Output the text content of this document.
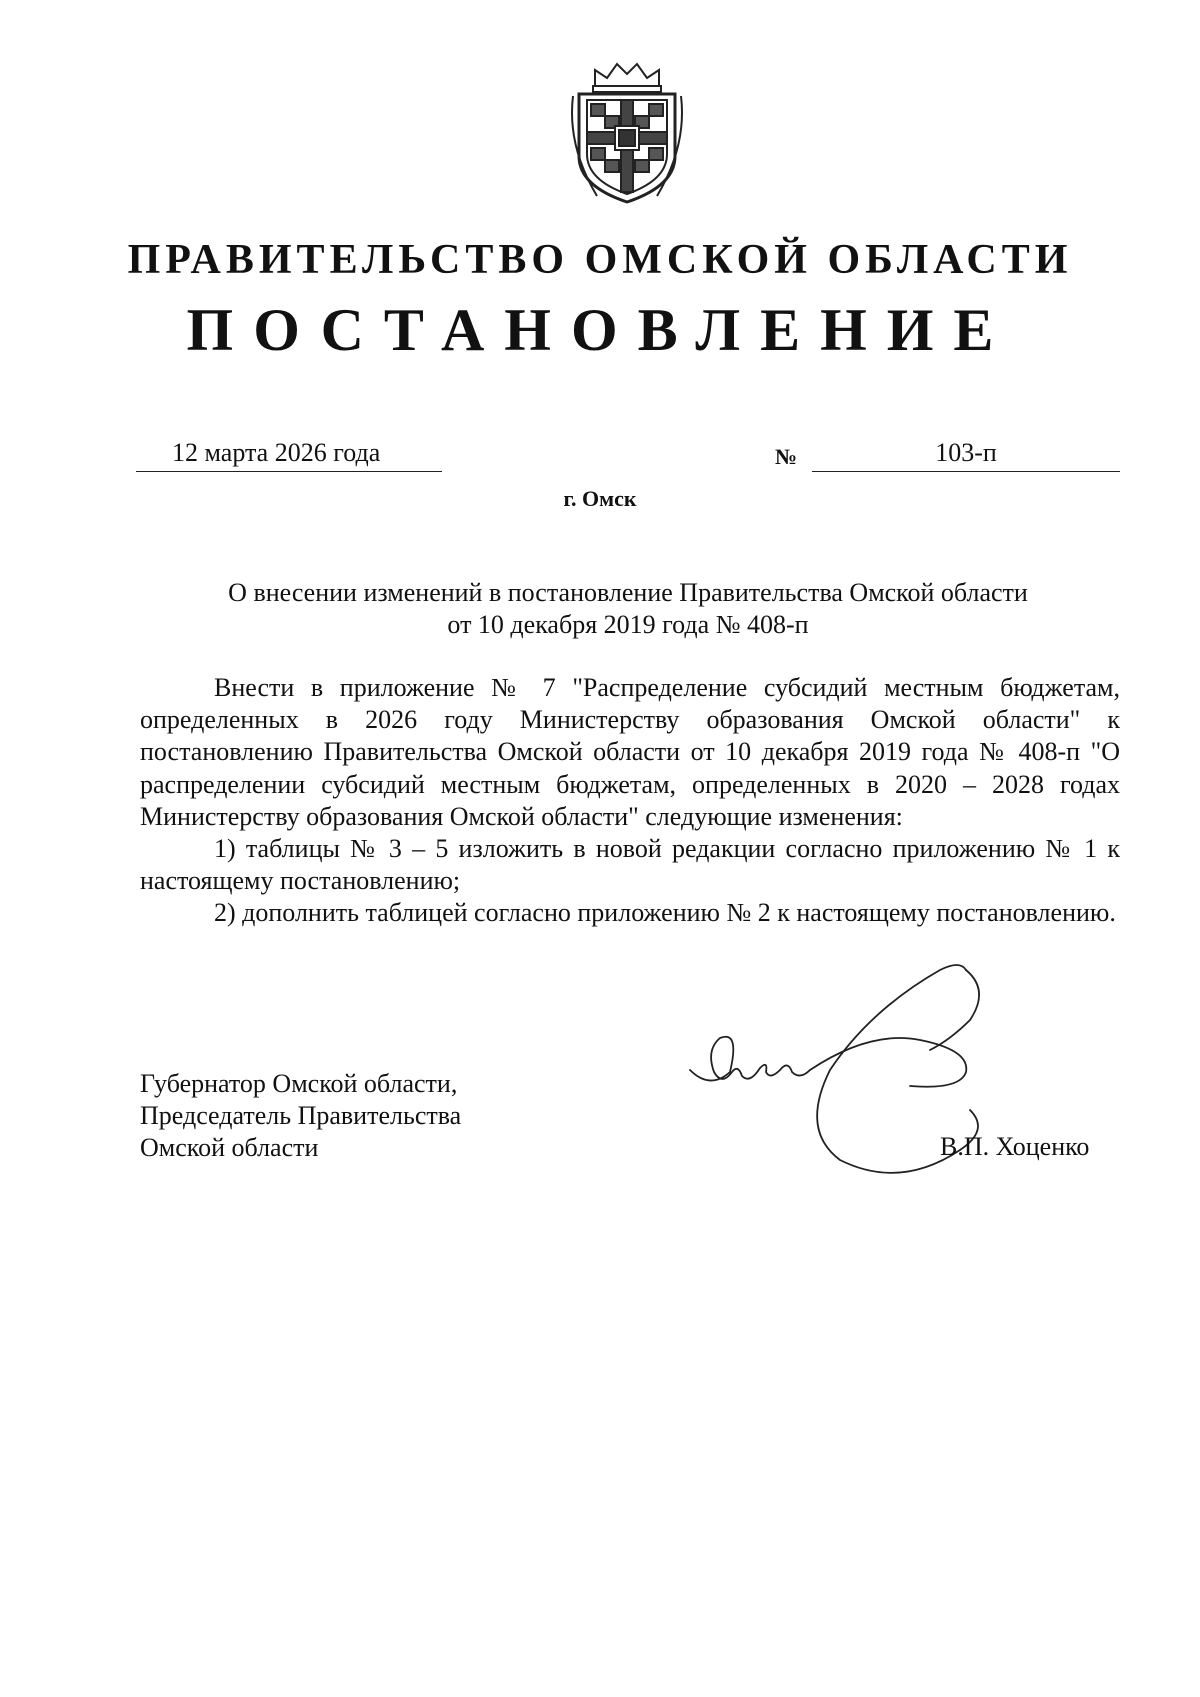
ПРАВИТЕЛЬСТВО ОМСКОЙ ОБЛАСТИ
ПОСТАНОВЛЕНИЕ
12 марта 2026 года	№	103-п
г. Омск
О внесении изменений в постановление Правительства Омской области
от 10 декабря 2019 года № 408-п

Внести в приложение № 7 "Распределение субсидий местным бюджетам, определенных в 2026 году Министерству образования Омской области" к постановлению Правительства Омской области от 10 декабря 2019 года № 408-п "О распределении субсидий местным бюджетам, определенных в 2020 – 2028 годах Министерству образования Омской области" следующие изменения:

1) таблицы № 3 – 5 изложить в новой редакции согласно приложению № 1 к настоящему постановлению;

2) дополнить таблицей согласно приложению № 2 к настоящему постановлению.

Губернатор Омской области,
Председатель Правительства
Омской области	В.П. Хоценко
